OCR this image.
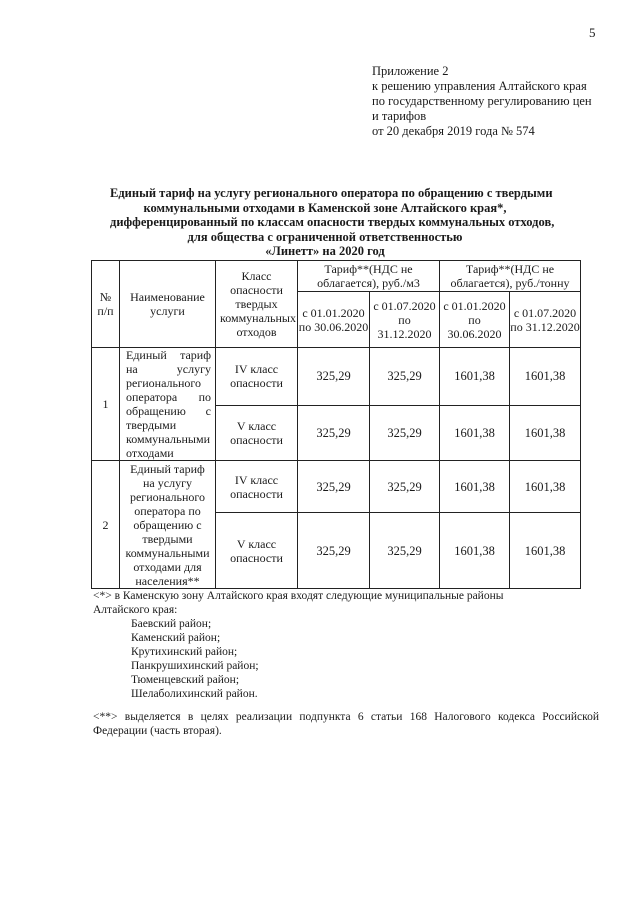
5
Приложение 2
к решению управления Алтайского края
по государственному регулированию цен
и тарифов
от 20 декабря 2019 года № 574
Единый тариф на услугу регионального оператора по обращению с твердыми
коммунальными отходами в Каменской зоне Алтайского края*,
дифференцированный по классам опасности твердых коммунальных отходов,
для общества с ограниченной ответственностью
«Линетт» на 2020 год
№ п/п	Наименование услуги	Класс опасности твердых коммунальных отходов	Тариф**(НДС не облагается), руб./м3		Тариф**(НДС не облагается), руб./тонну	
			с 01.01.2020 по 30.06.2020	с 01.07.2020 по 31.12.2020	с 01.01.2020 по 30.06.2020	с 01.07.2020 по 31.12.2020
1	Единый тариф на услугу регионального оператора по обращению с твердыми коммунальными отходами	IV класс опасности	325,29	325,29	1601,38	1601,38
		V класс опасности	325,29	325,29	1601,38	1601,38
2	Единый тариф на услугу регионального оператора по обращению с твердыми коммунальными отходами для населения**	IV класс опасности	325,29	325,29	1601,38	1601,38
		V класс опасности	325,29	325,29	1601,38	1601,38
<*> в Каменскую зону Алтайского края входят следующие муниципальные районы
Алтайского края:
Баевский район;
Каменский район;
Крутихинский район;
Панкрушихинский район;
Тюменцевский район;
Шелаболихинский район.
<**> выделяется в целях реализации подпункта 6 статьи 168 Налогового кодекса Российской Федерации (часть вторая).
